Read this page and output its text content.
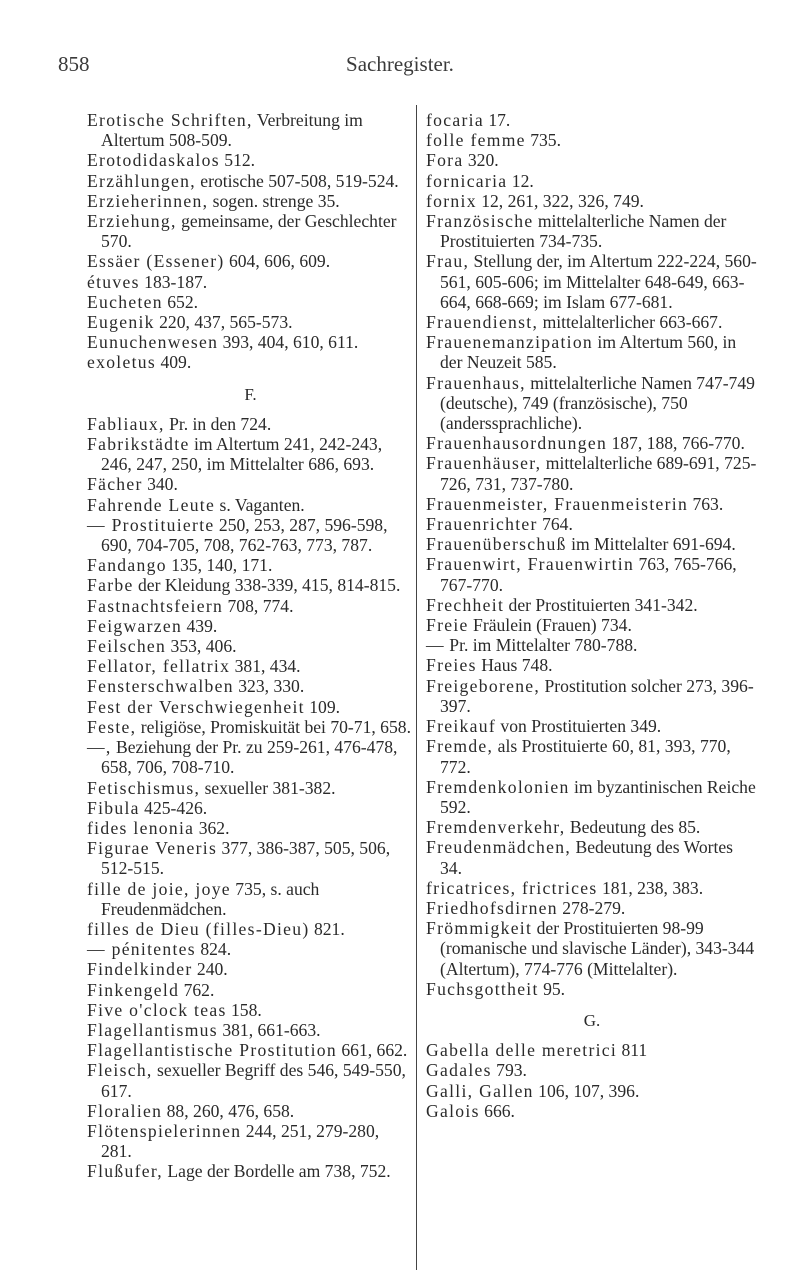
858	Sachregister.

Erotische Schriften, Verbreitung im Altertum 508-509.

Erotodidaskalos 512.

Erzählungen, erotische 507-508, 519-524.

Erzieherinnen, sogen. strenge 35.

Erziehung, gemeinsame, der Geschlechter 570.

Essäer (Essener) 604, 606, 609.

étuves 183-187.

Eucheten 652.

Eugenik 220, 437, 565-573.

Eunuchenwesen 393, 404, 610, 611.

exoletus 409.

F.

Fabliaux, Pr. in den 724.

Fabrikstädte im Altertum 241, 242-243, 246, 247, 250, im Mittelalter 686, 693.

Fächer 340.

Fahrende Leute s. Vaganten.

— Prostituierte 250, 253, 287, 596-598, 690, 704-705, 708, 762-763, 773, 787.

Fandango 135, 140, 171.

Farbe der Kleidung 338-339, 415, 814-815.

Fastnachtsfeiern 708, 774.

Feigwarzen 439.

Feilschen 353, 406.

Fellator, fellatrix 381, 434.

Fensterschwalben 323, 330.

Fest der Verschwiegenheit 109.

Feste, religiöse, Promiskuität bei 70-71, 658.

—, Beziehung der Pr. zu 259-261, 476-478, 658, 706, 708-710.

Fetischismus, sexueller 381-382.

Fibula 425-426.

fides lenonia 362.

Figurae Veneris 377, 386-387, 505, 506, 512-515.

fille de joie, joye 735, s. auch Freudenmädchen.

filles de Dieu (filles-Dieu) 821.

— pénitentes 824.

Findelkinder 240.

Finkengeld 762.

Five o'clock teas 158.

Flagellantismus 381, 661-663.

Flagellantistische Prostitution 661, 662.

Fleisch, sexueller Begriff des 546, 549-550, 617.

Floralien 88, 260, 476, 658.

Flötenspielerinnen 244, 251, 279-280, 281.

Flußufer, Lage der Bordelle am 738, 752.

focaria 17.

folle femme 735.

Fora 320.

fornicaria 12.

fornix 12, 261, 322, 326, 749.

Französische mittelalterliche Namen der Prostituierten 734-735.

Frau, Stellung der, im Altertum 222-224, 560-561, 605-606; im Mittelalter 648-649, 663-664, 668-669; im Islam 677-681.

Frauendienst, mittelalterlicher 663-667.

Frauenemanzipation im Altertum 560, in der Neuzeit 585.

Frauenhaus, mittelalterliche Namen 747-749 (deutsche), 749 (französische), 750 (anderssprachliche).

Frauenhausordnungen 187, 188, 766-770.

Frauenhäuser, mittelalterliche 689-691, 725-726, 731, 737-780.

Frauenmeister, Frauenmeisterin 763.

Frauenrichter 764.

Frauenüberschuß im Mittelalter 691-694.

Frauenwirt, Frauenwirtin 763, 765-766, 767-770.

Frechheit der Prostituierten 341-342.

Freie Fräulein (Frauen) 734.

— Pr. im Mittelalter 780-788.

Freies Haus 748.

Freigeborene, Prostitution solcher 273, 396-397.

Freikauf von Prostituierten 349.

Fremde, als Prostituierte 60, 81, 393, 770, 772.

Fremdenkolonien im byzantinischen Reiche 592.

Fremdenverkehr, Bedeutung des 85.

Freudenmädchen, Bedeutung des Wortes 34.

fricatrices, frictrices 181, 238, 383.

Friedhofsdirnen 278-279.

Frömmigkeit der Prostituierten 98-99 (romanische und slavische Länder), 343-344 (Altertum), 774-776 (Mittelalter).

Fuchsgottheit 95.

G.

Gabella delle meretrici 811

Gadales 793.

Galli, Gallen 106, 107, 396.

Galois 666.
